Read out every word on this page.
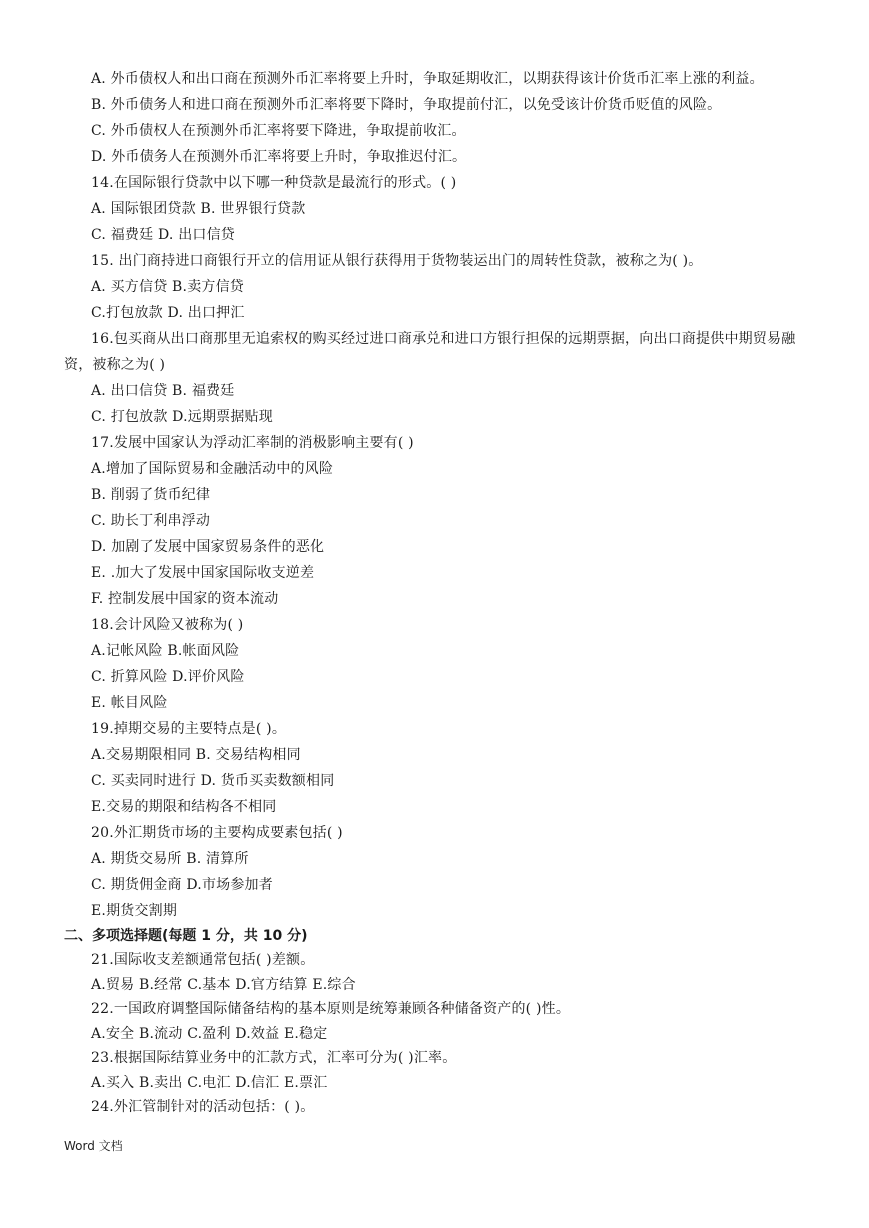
A. 外币债权人和出口商在预测外币汇率将要上升时，争取延期收汇，以期获得该计价货币汇率上涨的利益。
B. 外币债务人和进口商在预测外币汇率将要下降时，争取提前付汇，以免受该计价货币贬值的风险。
C. 外币债权人在预测外币汇率将要下降进，争取提前收汇。
D. 外币债务人在预测外币汇率将要上升时，争取推迟付汇。
14.在国际银行贷款中以下哪一种贷款是最流行的形式。( )
A. 国际银团贷款 B. 世界银行贷款
C. 福费廷 D. 出口信贷
15. 出门商持进口商银行开立的信用证从银行获得用于货物装运出门的周转性贷款，被称之为( )。
A. 买方信贷 B.卖方信贷
C.打包放款 D. 出口押汇
16.包买商从出口商那里无追索权的购买经过进口商承兑和进口方银行担保的远期票据，向出口商提供中期贸易融资，被称之为( )
A. 出口信贷 B. 福费廷
C. 打包放款 D.远期票据贴现
17.发展中国家认为浮动汇率制的消极影响主要有( )
A.增加了国际贸易和金融活动中的风险
B. 削弱了货币纪律
C. 助长丁利串浮动
D. 加剧了发展中国家贸易条件的恶化
E. .加大了发展中国家国际收支逆差
F. 控制发展中国家的资本流动
18.会计风险又被称为( )
A.记帐风险 B.帐面风险
C. 折算风险 D.评价风险
E. 帐目风险
19.掉期交易的主要特点是( )。
A.交易期限相同 B. 交易结构相同
C. 买卖同时进行 D. 货币买卖数额相同
E.交易的期限和结构各不相同
20.外汇期货市场的主要构成要素包括( )
A. 期货交易所 B. 清算所
C. 期货佣金商 D.市场参加者
E.期货交割期
二、多项选择题(每题 1 分，共 10 分)
21.国际收支差额通常包括( )差额。
A.贸易 B.经常 C.基本 D.官方结算 E.综合
22.一国政府调整国际储备结构的基本原则是统筹兼顾各种储备资产的( )性。
A.安全 B.流动 C.盈利 D.效益 E.稳定
23.根据国际结算业务中的汇款方式，汇率可分为( )汇率。
A.买入 B.卖出 C.电汇 D.信汇 E.票汇
24.外汇管制针对的活动包括：( )。
Word 文档
